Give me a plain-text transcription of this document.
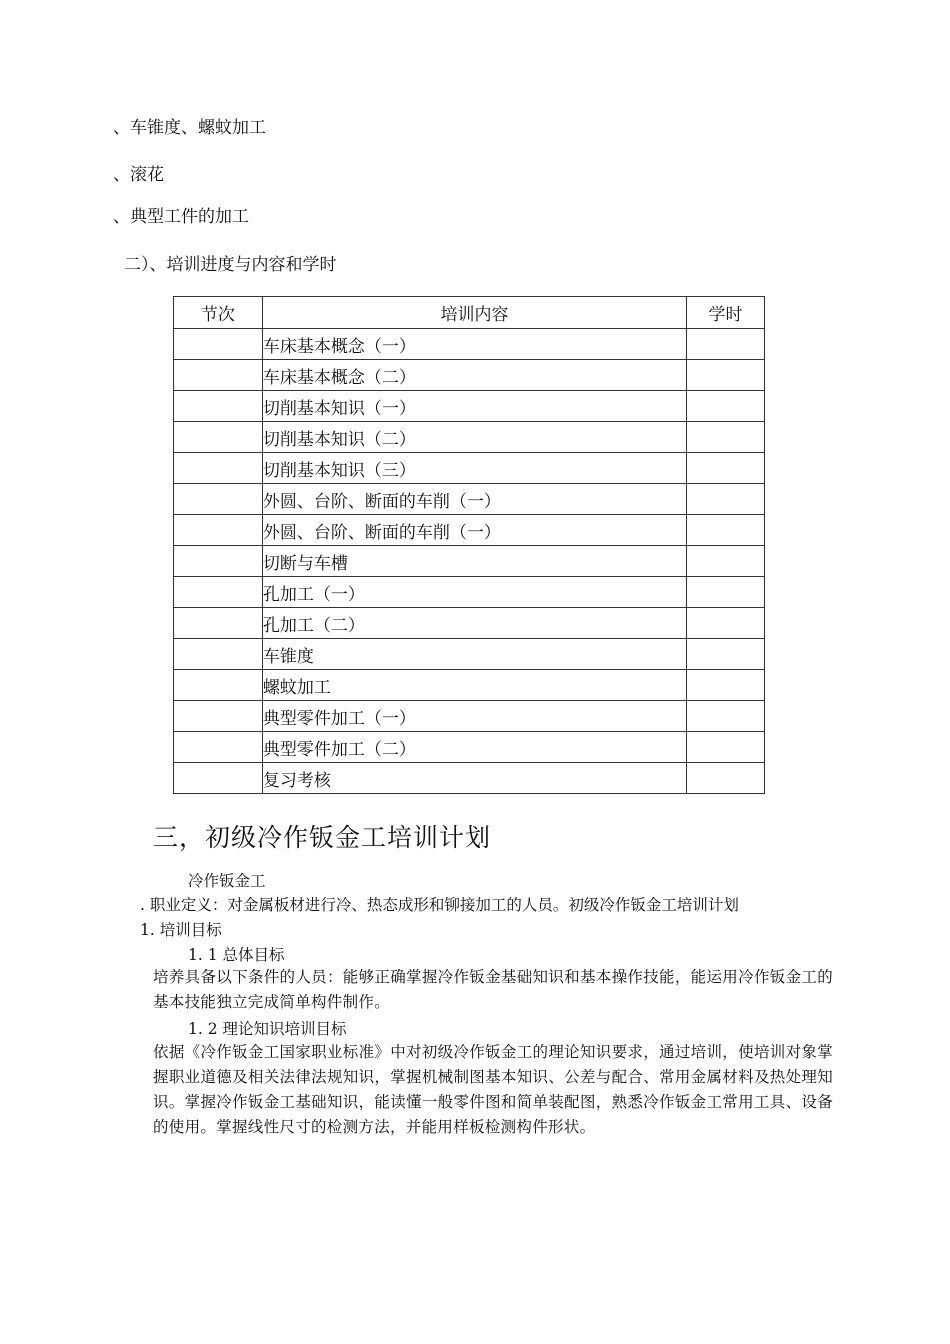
、车锥度、螺蚊加工
、滚花
、典型工件的加工
二）、培训进度与内容和学时
节次	培训内容	学时
	车床基本概念（一）	
	车床基本概念（二）	
	切削基本知识（一）	
	切削基本知识（二）	
	切削基本知识（三）	
	外圆、台阶、断面的车削（一）	
	外圆、台阶、断面的车削（一）	
	切断与车槽	
	孔加工（一）	
	孔加工（二）	
	车锥度	
	螺蚊加工	
	典型零件加工（一）	
	典型零件加工（二）	
	复习考核	
三，初级冷作钣金工培训计划
冷作钣金工
. 职业定义：对金属板材进行冷、热态成形和铆接加工的人员。初级冷作钣金工培训计划
1. 培训目标
1. 1 总体目标
培养具备以下条件的人员：能够正确掌握冷作钣金基础知识和基本操作技能，能运用冷作钣金工的基本技能独立完成简单构件制作。
1. 2 理论知识培训目标
依据《冷作钣金工国家职业标准》中对初级冷作钣金工的理论知识要求，通过培训，使培训对象掌握职业道德及相关法律法规知识，掌握机械制图基本知识、公差与配合、常用金属材料及热处理知识。掌握冷作钣金工基础知识，能读懂一般零件图和简单装配图，熟悉冷作钣金工常用工具、设备的使用。掌握线性尺寸的检测方法，并能用样板检测构件形状。
